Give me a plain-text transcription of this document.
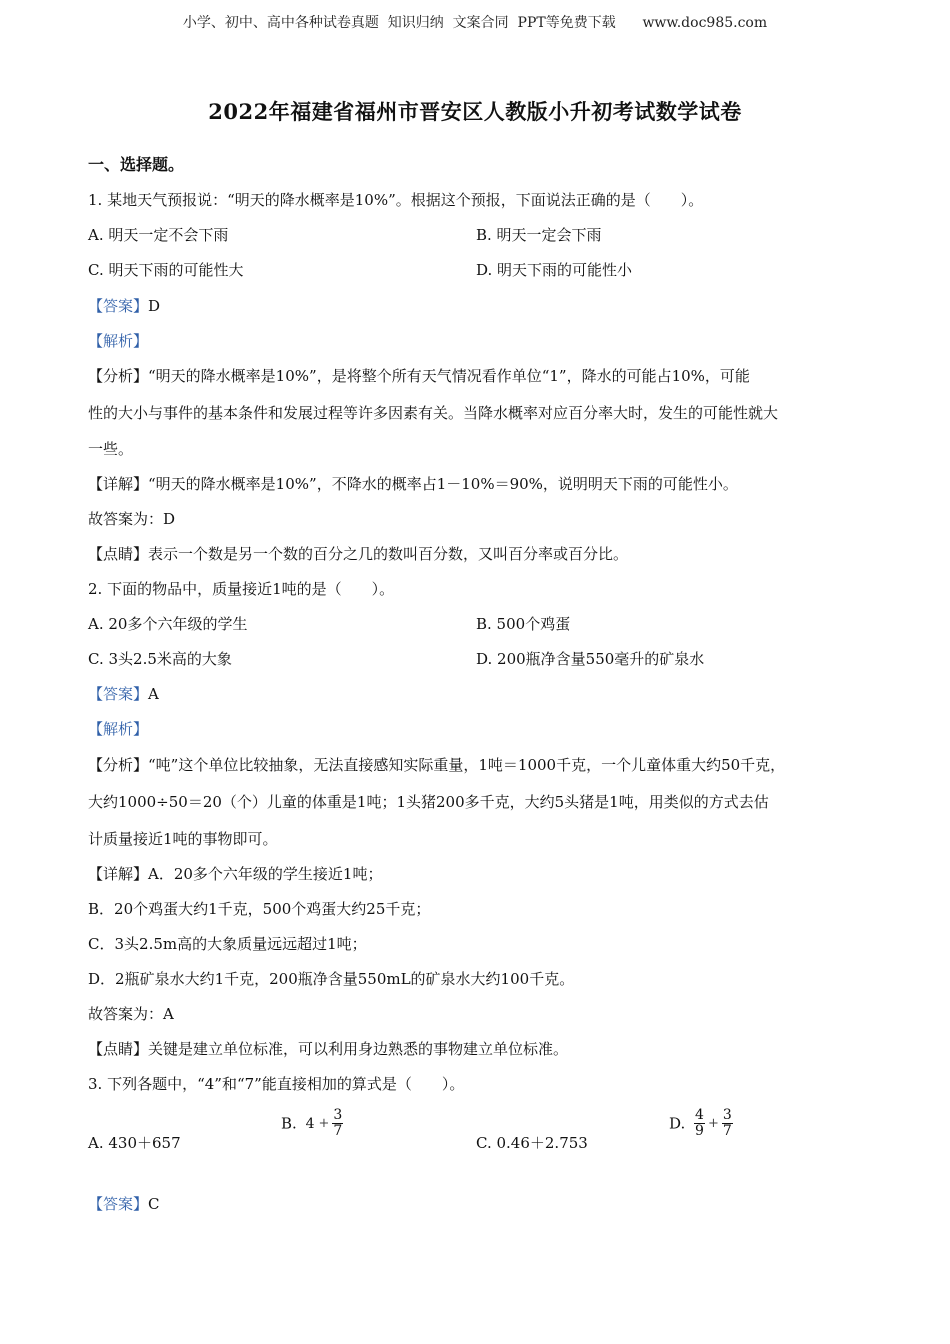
小学、初中、高中各种试卷真题  知识归纳  文案合同  PPT等免费下载      www.doc985.com
2022年福建省福州市晋安区人教版小升初考试数学试卷
一、选择题。
1. 某地天气预报说：“明天的降水概率是10%”。根据这个预报，下面说法正确的是（　　）。
A. 明天一定不会下雨	B. 明天一定会下雨
C. 明天下雨的可能性大	D. 明天下雨的可能性小
【答案】D
【解析】
【分析】“明天的降水概率是10%”，是将整个所有天气情况看作单位“1”，降水的可能占10%，可能
性的大小与事件的基本条件和发展过程等许多因素有关。当降水概率对应百分率大时，发生的可能性就大
一些。
【详解】“明天的降水概率是10%”，不降水的概率占1－10%＝90%，说明明天下雨的可能性小。
故答案为：D
【点睛】表示一个数是另一个数的百分之几的数叫百分数，又叫百分率或百分比。
2. 下面的物品中，质量接近1吨的是（　　）。
A. 20多个六年级的学生	B. 500个鸡蛋
C. 3头2.5米高的大象	D. 200瓶净含量550毫升的矿泉水
【答案】A
【解析】
【分析】“吨”这个单位比较抽象，无法直接感知实际重量，1吨＝1000千克，一个儿童体重大约50千克，
大约1000÷50＝20（个）儿童的体重是1吨；1头猪200多千克，大约5头猪是1吨，用类似的方式去估
计质量接近1吨的事物即可。
【详解】A．20多个六年级的学生接近1吨；
B．20个鸡蛋大约1千克，500个鸡蛋大约25千克；
C．3头2.5m高的大象质量远远超过1吨；
D．2瓶矿泉水大约1千克，200瓶净含量550mL的矿泉水大约100千克。
故答案为：A
【点睛】关键是建立单位标准，可以利用身边熟悉的事物建立单位标准。
3. 下列各题中，“4”和“7”能直接相加的算式是（　　）。
A. 430＋657
B. $4 + \frac{3}{7}$
C. 0.46＋2.753
D. $\frac{4}{9} + \frac{3}{7}$
【答案】C
